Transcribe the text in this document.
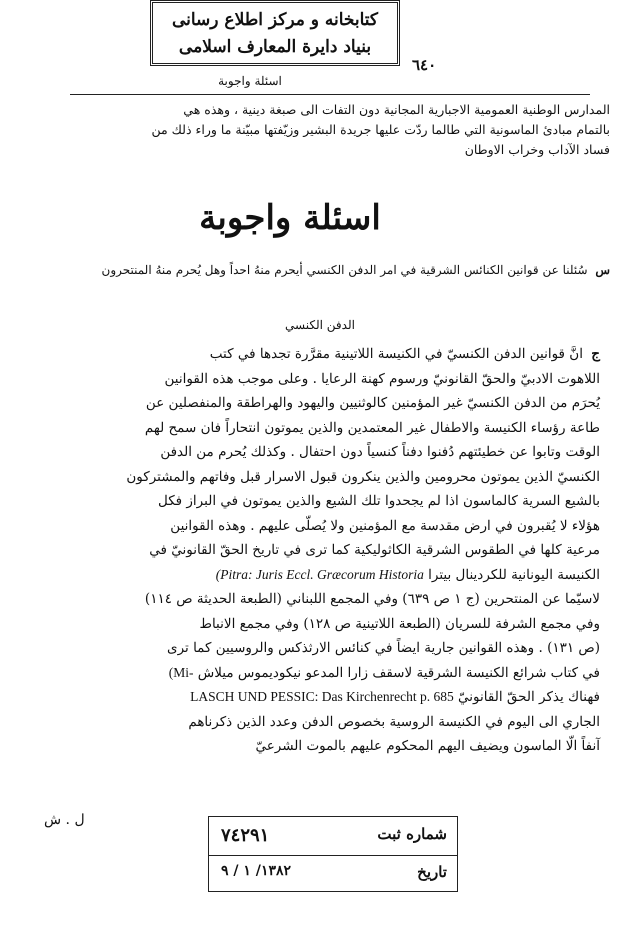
کتابخانه و مرکز اطلاع رسانی
بنیاد دایرة المعارف اسلامی
٦٤٠
اسئلة واجوبة

المدارس الوطنية العمومية الاجبارية المجانية دون التفات الى صبغة دينية ، وهذه هي

بالتمام مبادئ الماسونية التي طالما ردّت عليها جريدة البشير وزيّفتها مبيّنة ما وراء ذلك من

فساد الآداب وخراب الاوطان

اسئلة واجوبة
س سُئلنا عن قوانين الكنائس الشرقية في امر الدفن الكنسي أيحرم منهُ احداً وهل يُحرم منهُ المنتحرون
الدفن الكنسي

ج انَّ قوانين الدفن الكنسيّ في الكنيسة اللاتينية مقرَّرة تجدها في كتب

اللاهوت الادبيّ والحقّ القانونيّ ورسوم كهنة الرعايا . وعلى موجب هذه القوانين

يُحرَم من الدفن الكنسيّ غير المؤمنين كالوثنيين واليهود والهراطقة والمنفصلين عن

طاعة رؤساء الكنيسة والاطفال غير المعتمدين والذين يموتون انتحاراً فان سمح لهم

الوقت وتابوا عن خطيئتهم دُفنوا دفناً كنسياً دون احتفال . وكذلك يُحرم من الدفن

الكنسيّ الذين يموتون محرومين والذين ينكرون قبول الاسرار قبل وفاتهم والمشتركون

بالشيع السرية كالماسون اذا لم يجحدوا تلك الشيع والذين يموتون في البراز فكل

هؤلاء لا يُقبرون في ارض مقدسة مع المؤمنين ولا يُصلّى عليهم . وهذه القوانين

مرعية كلها في الطقوس الشرقية الكاثوليكية كما ترى في تاريخ الحقّ القانونيّ في

الكنيسة اليونانية للكردينال بيترا (Pitra: Juris Eccl. Græcorum Historia

لاسيّما عن المنتحرين (ج ١ ص ٦٣٩) وفي المجمع اللبناني (الطبعة الحديثة ص ١١٤)

وفي مجمع الشرفة للسريان (الطبعة اللاتينية ص ١٢٨) وفي مجمع الانباط

(ص ١٣١) . وهذه القوانين جارية ايضاً في كنائس الارثذكس والروسيين كما ترى

في كتاب شرائع الكنيسة الشرقية لاسقف زارا المدعو نيكوديموس ميلاش (Mi-

فهناك يذكر الحقّ القانونيّ LASCH UND PESSIC: Das Kirchenrecht p. 685

الجاري الى اليوم في الكنيسة الروسية بخصوص الدفن وعدد الذين ذكرناهم

آنفاً الّا الماسون ويضيف اليهم المحكوم عليهم بالموت الشرعيّ

ل . ش
شماره ثبت
٧٤٢٩١
تاريخ
١٣٨٢/ ١ / ٩
